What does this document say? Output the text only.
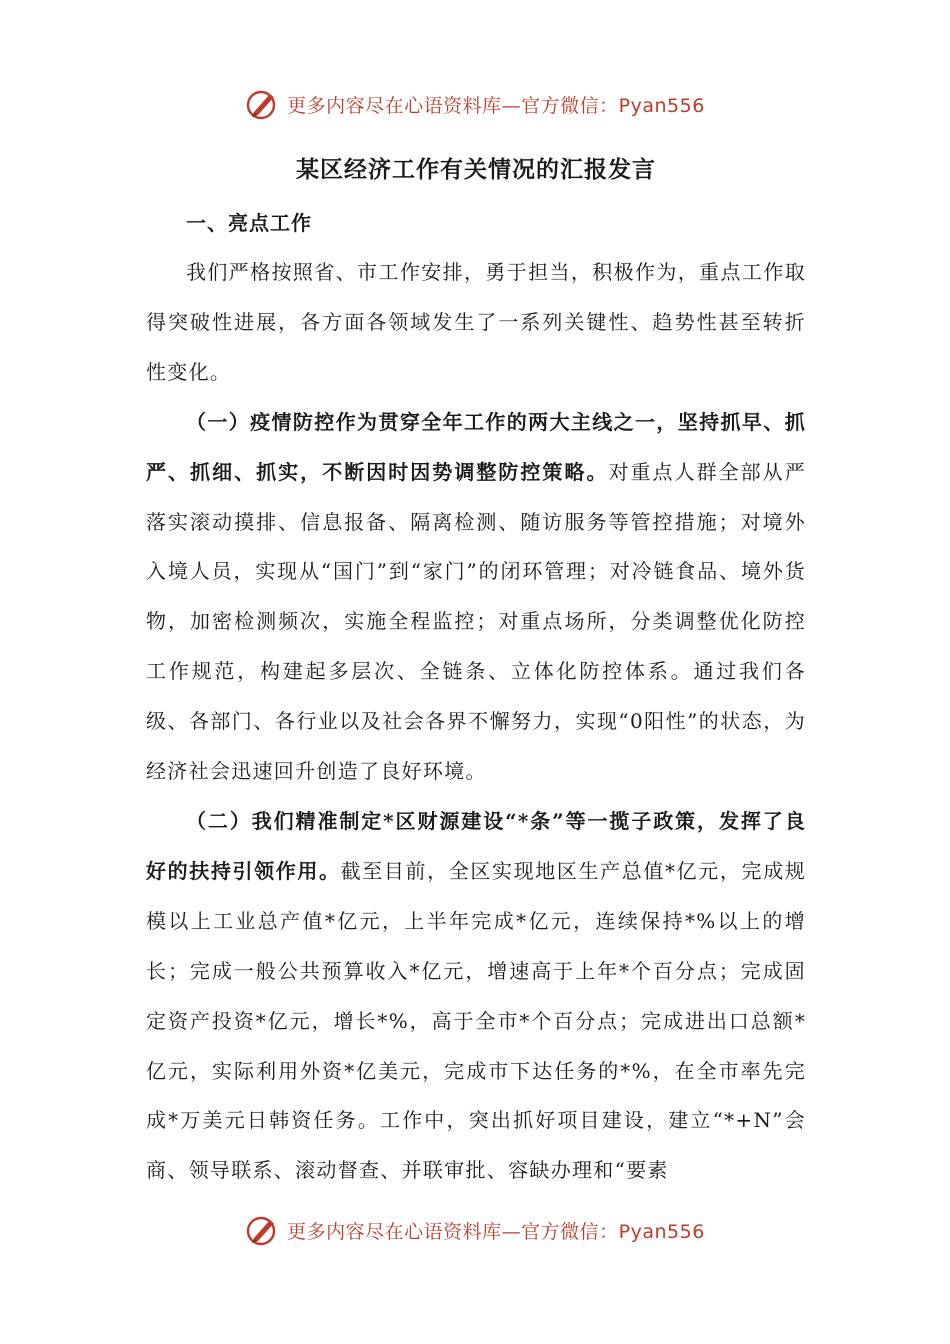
更多内容尽在心语资料库—官方微信：Pyan556
某区经济工作有关情况的汇报发言
一、亮点工作

我们严格按照省、市工作安排，勇于担当，积极作为，重点工作取得突破性进展，各方面各领域发生了一系列关键性、趋势性甚至转折性变化。

（一）疫情防控作为贯穿全年工作的两大主线之一，坚持抓早、抓严、抓细、抓实，不断因时因势调整防控策略。对重点人群全部从严落实滚动摸排、信息报备、隔离检测、随访服务等管控措施；对境外入境人员，实现从“国门”到“家门”的闭环管理；对冷链食品、境外货物，加密检测频次，实施全程监控；对重点场所，分类调整优化防控工作规范，构建起多层次、全链条、立体化防控体系。通过我们各级、各部门、各行业以及社会各界不懈努力，实现“0阳性”的状态，为经济社会迅速回升创造了良好环境。

（二）我们精准制定*区财源建设“*条”等一揽子政策，发挥了良好的扶持引领作用。截至目前，全区实现地区生产总值*亿元，完成规模以上工业总产值*亿元，上半年完成*亿元，连续保持*%以上的增长；完成一般公共预算收入*亿元，增速高于上年*个百分点；完成固定资产投资*亿元，增长*%，高于全市*个百分点；完成进出口总额*亿元，实际利用外资*亿美元，完成市下达任务的*%，在全市率先完成*万美元日韩资任务。工作中，突出抓好项目建设，建立“*+N”会商、领导联系、滚动督查、并联审批、容缺办理和“要素

更多内容尽在心语资料库—官方微信：Pyan556
